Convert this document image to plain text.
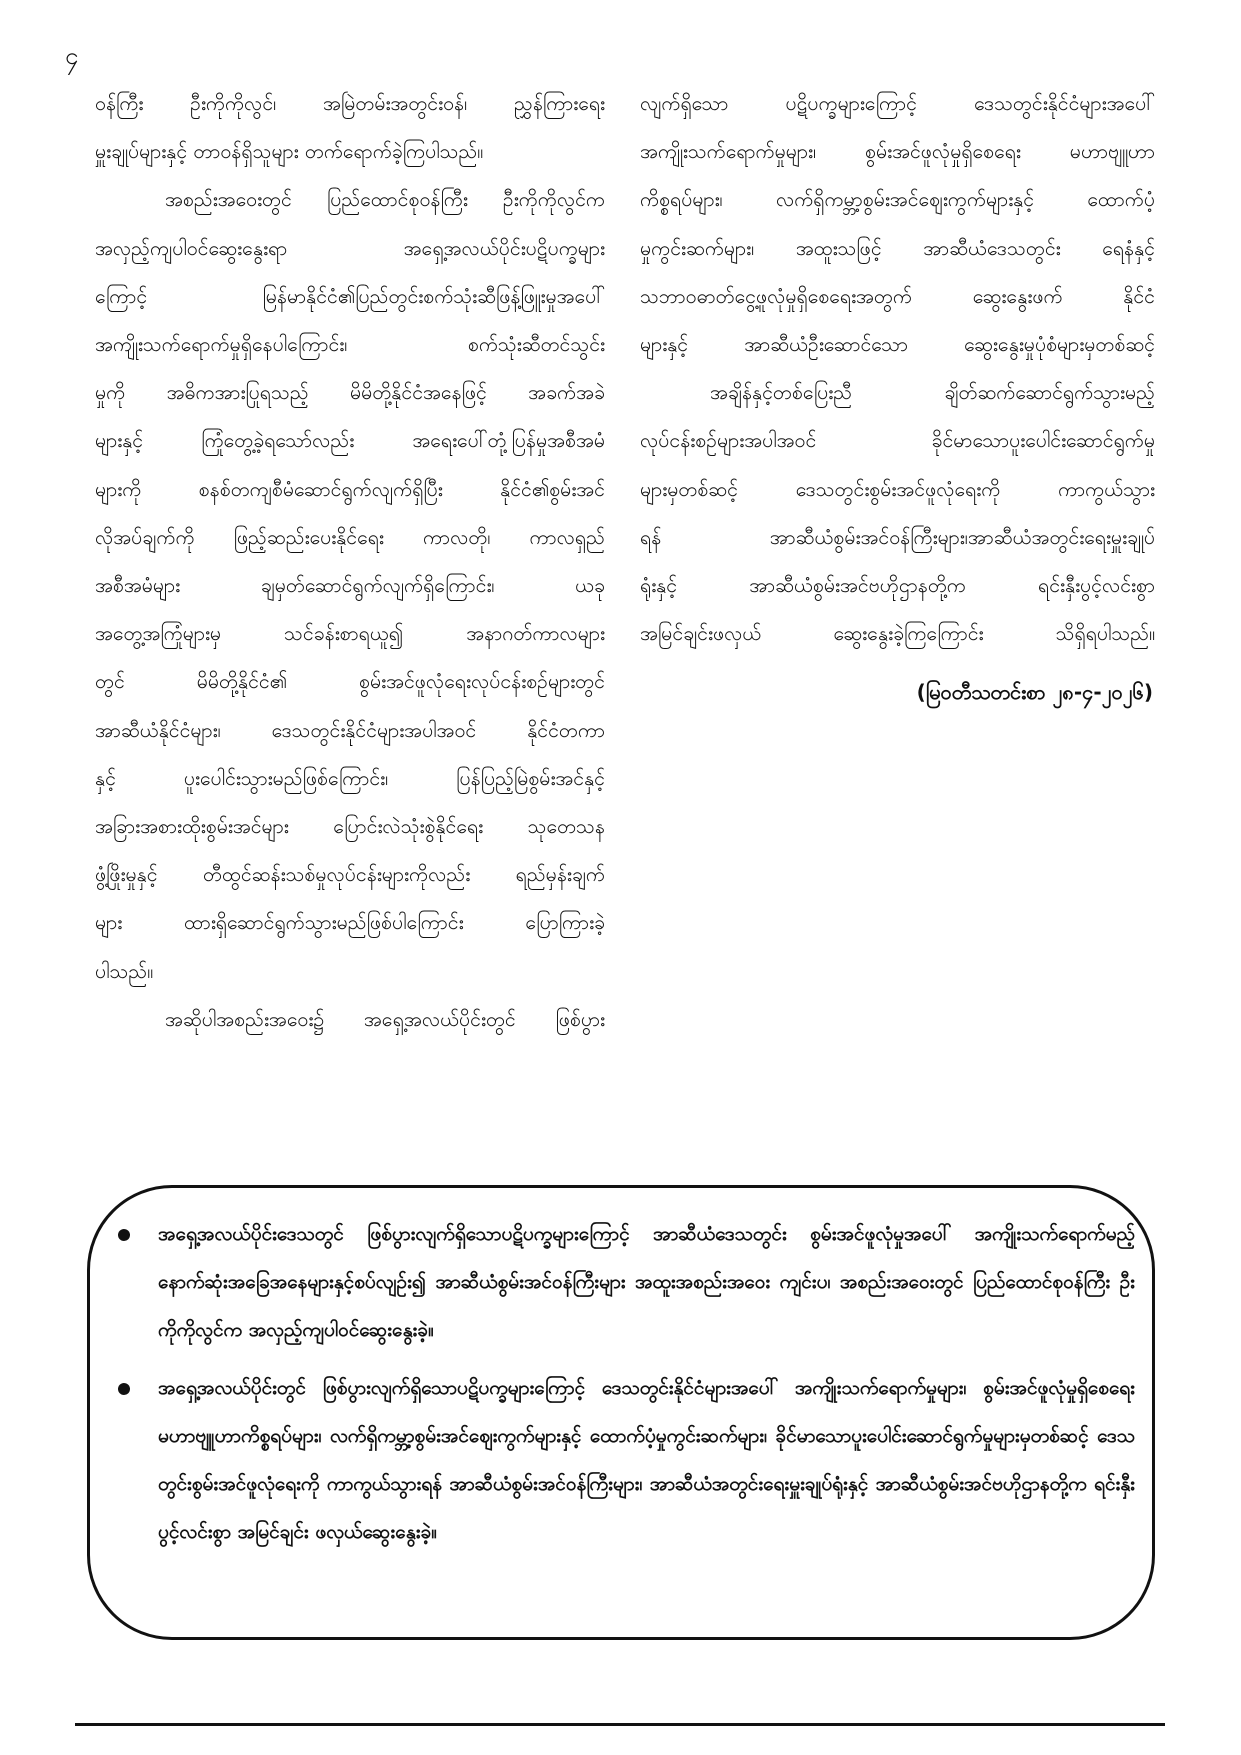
၄

ဝန်ကြီး ဦးကိုကိုလွင်၊ အမြဲတမ်းအတွင်းဝန်၊ ညွှန်ကြားရေး

မှူးချုပ်များနှင့် တာဝန်ရှိသူများ တက်ရောက်ခဲ့ကြပါသည်။

အစည်းအဝေးတွင် ပြည်ထောင်စုဝန်ကြီး ဦးကိုကိုလွင်က

အလှည့်ကျပါဝင်ဆွေးနွေးရာ အရှေ့အလယ်ပိုင်းပဋိပက္ခများ

ကြောင့် မြန်မာနိုင်ငံ၏ပြည်တွင်းစက်သုံးဆီဖြန့်ဖြူးမှုအပေါ်

အကျိုးသက်ရောက်မှုရှိနေပါကြောင်း၊ စက်သုံးဆီတင်သွင်း

မှုကို အဓိကအားပြုရသည့် မိမိတို့နိုင်ငံအနေဖြင့် အခက်အခဲ

များနှင့် ကြုံတွေ့ခဲ့ရသော်လည်း အရေးပေါ်တုံ့ပြန်မှုအစီအမံ

များကို စနစ်တကျစီမံဆောင်ရွက်လျက်ရှိပြီး နိုင်ငံ၏စွမ်းအင်

လိုအပ်ချက်ကို ဖြည့်ဆည်းပေးနိုင်ရေး ကာလတို၊ ကာလရှည်

အစီအမံများ ချမှတ်ဆောင်ရွက်လျက်ရှိကြောင်း၊ ယခု

အတွေ့အကြုံများမှ သင်ခန်းစာရယူ၍ အနာဂတ်ကာလများ

တွင် မိမိတို့နိုင်ငံ၏ စွမ်းအင်ဖူလုံရေးလုပ်ငန်းစဉ်များတွင်

အာဆီယံနိုင်ငံများ၊ ဒေသတွင်းနိုင်ငံများအပါအဝင် နိုင်ငံတကာ

နှင့် ပူးပေါင်းသွားမည်ဖြစ်ကြောင်း၊ ပြန်ပြည့်မြဲစွမ်းအင်နှင့်

အခြားအစားထိုးစွမ်းအင်များ ပြောင်းလဲသုံးစွဲနိုင်ရေး သုတေသန

ဖွံ့ဖြိုးမှုနှင့် တီထွင်ဆန်းသစ်မှုလုပ်ငန်းများကိုလည်း ရည်မှန်းချက်

များ ထားရှိဆောင်ရွက်သွားမည်ဖြစ်ပါကြောင်း ပြောကြားခဲ့

ပါသည်။

အဆိုပါအစည်းအဝေး၌ အရှေ့အလယ်ပိုင်းတွင် ဖြစ်ပွား

လျက်ရှိသော ပဋိပက္ခများကြောင့် ဒေသတွင်းနိုင်ငံများအပေါ်

အကျိုးသက်ရောက်မှုများ၊ စွမ်းအင်ဖူလုံမှုရှိစေရေး မဟာဗျူဟာ

ကိစ္စရပ်များ၊ လက်ရှိကမ္ဘာ့စွမ်းအင်ဈေးကွက်များနှင့် ထောက်ပံ့

မှုကွင်းဆက်များ၊ အထူးသဖြင့် အာဆီယံဒေသတွင်း ရေနံနှင့်

သဘာဝဓာတ်ငွေ့ဖူလုံမှုရှိစေရေးအတွက် ဆွေးနွေးဖက် နိုင်ငံ

များနှင့် အာဆီယံဦးဆောင်သော ဆွေးနွေးမှုပုံစံများမှတစ်ဆင့်

အချိန်နှင့်တစ်ပြေးညီ ချိတ်ဆက်ဆောင်ရွက်သွားမည့်

လုပ်ငန်းစဉ်များအပါအဝင် ခိုင်မာသောပူးပေါင်းဆောင်ရွက်မှု

များမှတစ်ဆင့် ဒေသတွင်းစွမ်းအင်ဖူလုံရေးကို ကာကွယ်သွား

ရန် အာဆီယံစွမ်းအင်ဝန်ကြီးများ၊အာဆီယံအတွင်းရေးမှူးချုပ်

ရုံးနှင့် အာဆီယံစွမ်းအင်ဗဟိုဌာနတို့က ရင်းနှီးပွင့်လင်းစွာ

အမြင်ချင်းဖလှယ် ဆွေးနွေးခဲ့ကြကြောင်း သိရှိရပါသည်။

(မြဝတီသတင်းစာ ၂၈-၄-၂၀၂၆)

အရှေ့အလယ်ပိုင်းဒေသတွင် ဖြစ်ပွားလျက်ရှိသောပဋိပက္ခများကြောင့် အာဆီယံဒေသတွင်း စွမ်းအင်ဖူလုံမှုအပေါ် အကျိုးသက်ရောက်မည့် နောက်ဆုံးအခြေအနေများနှင့်စပ်လျဉ်း၍ အာဆီယံစွမ်းအင်ဝန်ကြီးများ အထူးအစည်းအဝေး ကျင်းပ၊ အစည်းအဝေးတွင် ပြည်ထောင်စုဝန်ကြီး ဦးကိုကိုလွင်က အလှည့်ကျပါဝင်ဆွေးနွေးခဲ့။
အရှေ့အလယ်ပိုင်းတွင် ဖြစ်ပွားလျက်ရှိသောပဋိပက္ခများကြောင့် ဒေသတွင်းနိုင်ငံများအပေါ် အကျိုးသက်ရောက်မှုများ၊ စွမ်းအင်ဖူလုံမှုရှိစေရေးမဟာဗျူဟာကိစ္စရပ်များ၊ လက်ရှိကမ္ဘာ့စွမ်းအင်ဈေးကွက်များနှင့် ထောက်ပံ့မှုကွင်းဆက်များ၊ ခိုင်မာသောပူးပေါင်းဆောင်ရွက်မှုများမှတစ်ဆင့် ဒေသတွင်းစွမ်းအင်ဖူလုံရေးကို ကာကွယ်သွားရန် အာဆီယံစွမ်းအင်ဝန်ကြီးများ၊ အာဆီယံအတွင်းရေးမှူးချုပ်ရုံးနှင့် အာဆီယံစွမ်းအင်ဗဟိုဌာနတို့က ရင်းနှီးပွင့်လင်းစွာ အမြင်ချင်း ဖလှယ်ဆွေးနွေးခဲ့။
